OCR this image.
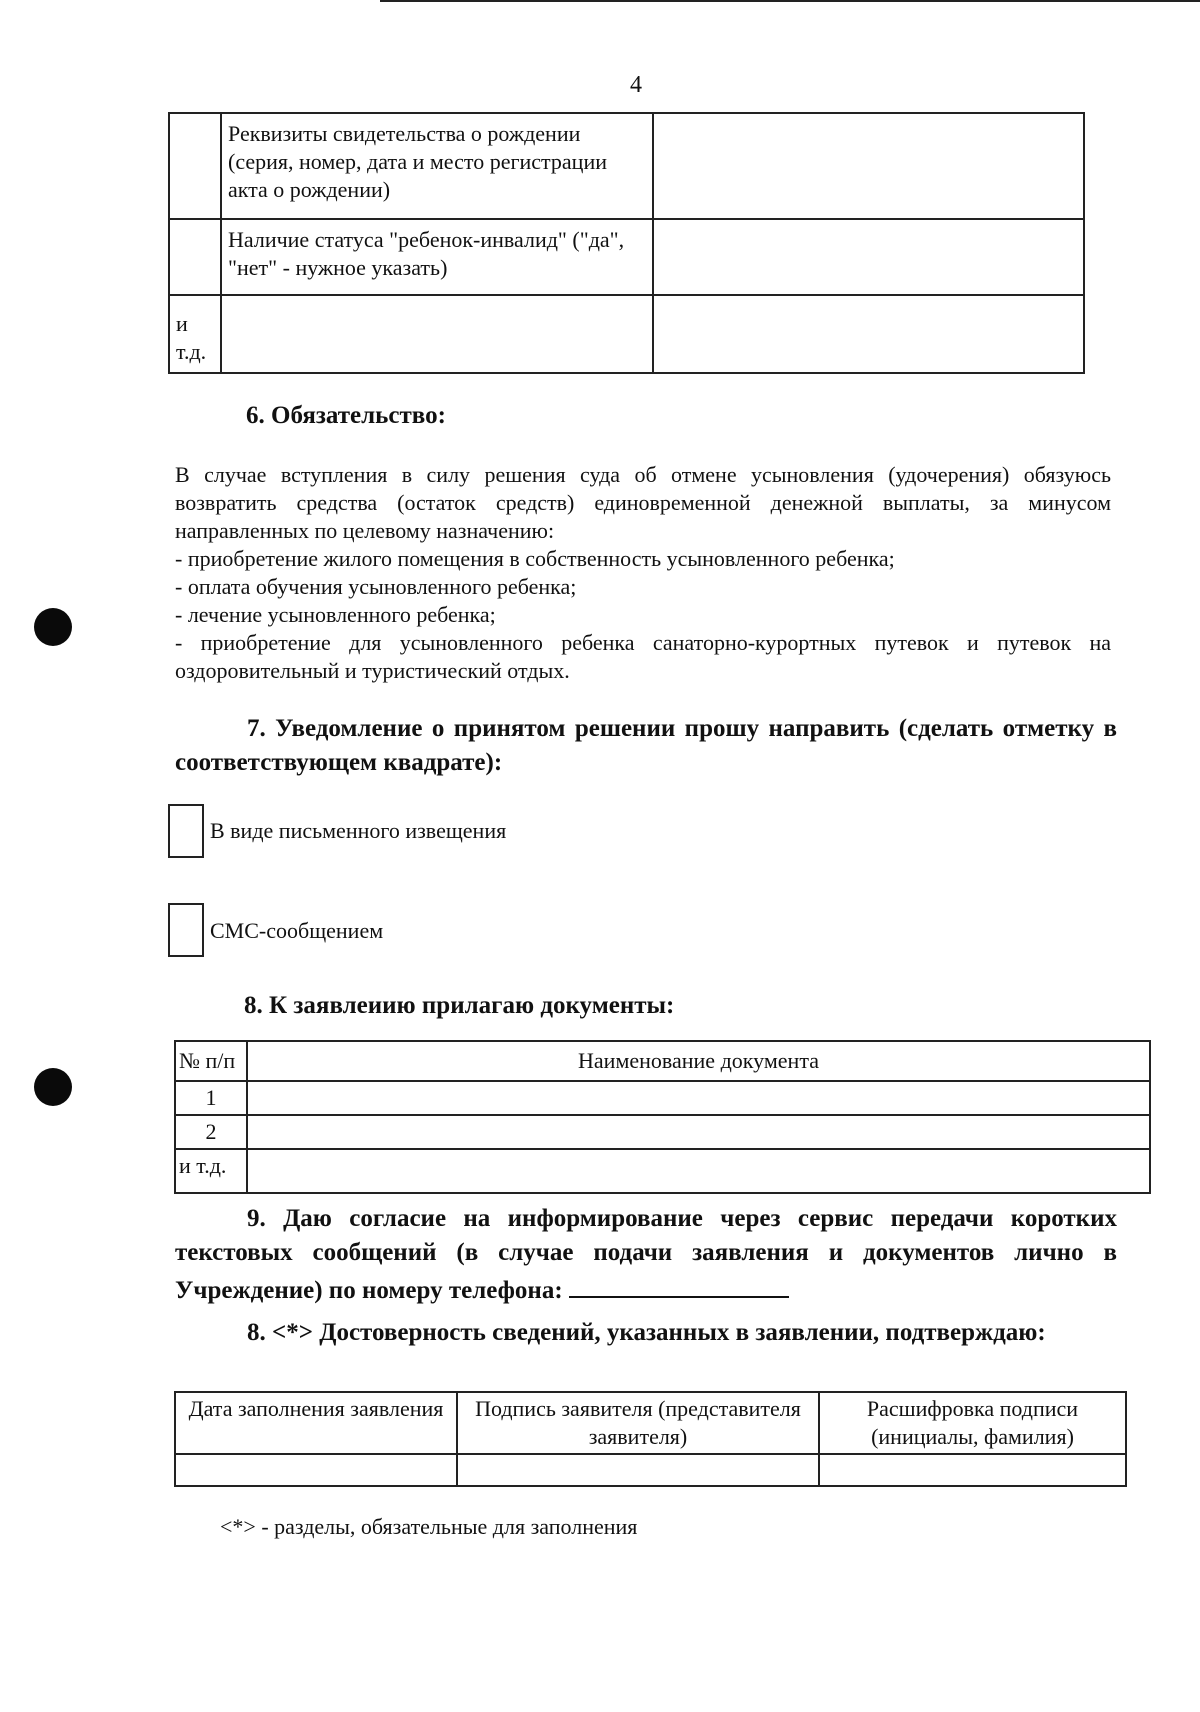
4
	Реквизиты свидетельства о рождении (серия, номер, дата и место регистрации акта о рождении)	
	Наличие статуса "ребенок-инвалид" ("да", "нет" - нужное указать)	
и т.д.		
6. Обязательство:
В случае вступления в силу решения суда об отмене усыновления (удочерения) обязуюсь возвратить средства (остаток средств) единовременной денежной выплаты, за минусом направленных по целевому назначению:
- приобретение жилого помещения в собственность усыновленного ребенка;
- оплата обучения усыновленного ребенка;
- лечение усыновленного ребенка;
- приобретение для усыновленного ребенка санаторно-курортных путевок и путевок на оздоровительный и туристический отдых.
7. Уведомление о принятом решении прошу направить (сделать отметку в соответствующем квадрате):
В виде письменного извещения
СМС-сообщением
8. К заявлеиию прилагаю документы:
№ п/п	Наименование документа
1	
2	
и т.д.	
9. Даю согласие на информирование через сервис передачи коротких текстовых сообщений (в случае подачи заявления и документов лично в Учреждение) по номеру телефона:
8. <*> Достоверность сведений, указанных в заявлении, подтверждаю:
Дата заполнения заявления	Подпись заявителя (представителя заявителя)	Расшифровка подписи (инициалы, фамилия)

<*> - разделы, обязательные для заполнения
